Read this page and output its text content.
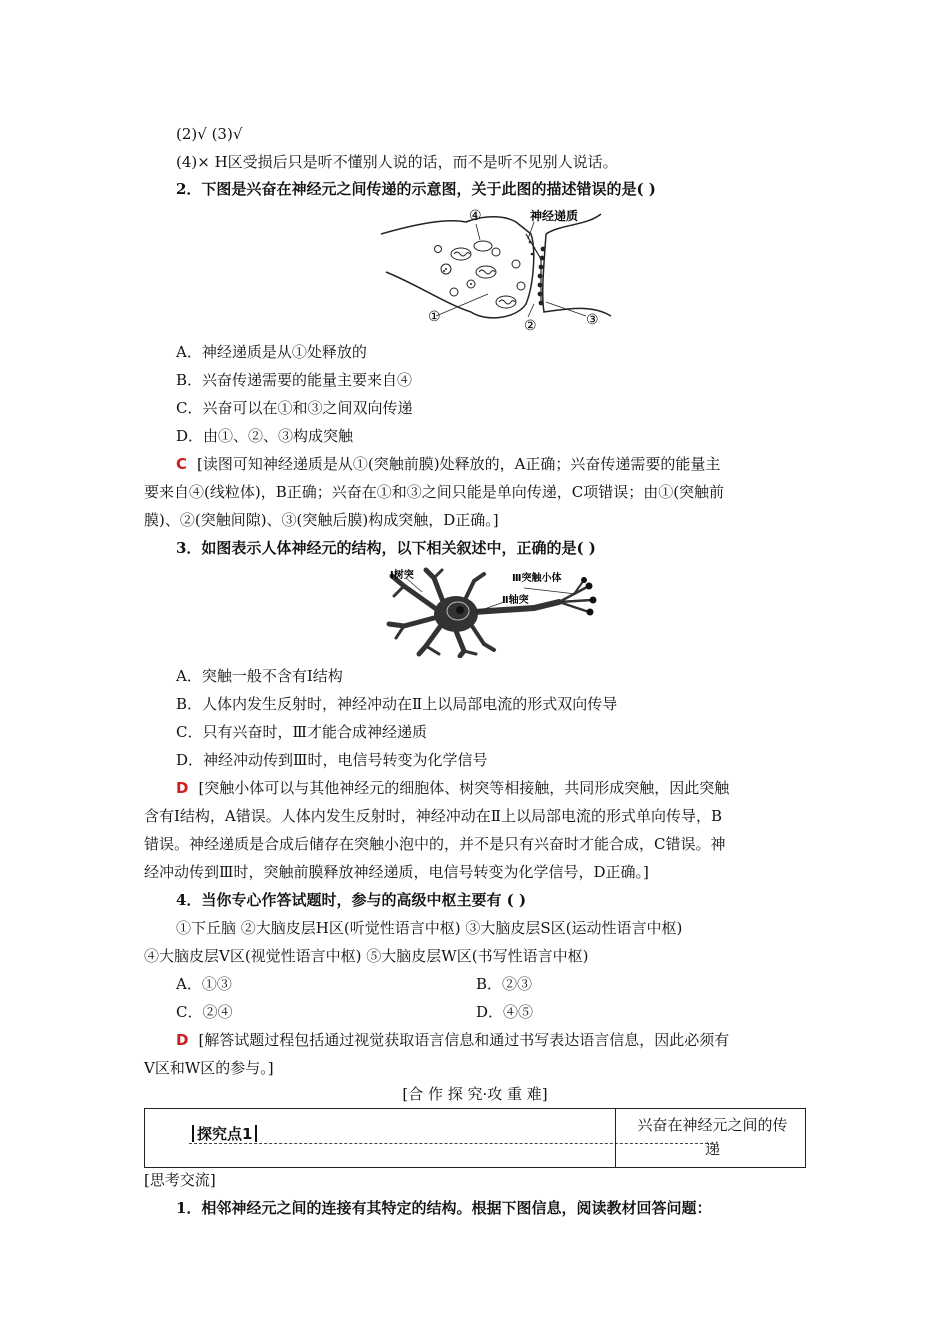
(2)√ (3)√
(4)× H区受损后只是听不懂别人说的话，而不是听不见别人说话。
2．下图是兴奋在神经元之间传递的示意图，关于此图的描述错误的是( )
④	神经递质
①
②	③
A．神经递质是从①处释放的
B．兴奋传递需要的能量主要来自④
C．兴奋可以在①和③之间双向传递
D．由①、②、③构成突触
C [读图可知神经递质是从①(突触前膜)处释放的，A正确；兴奋传递需要的能量主
要来自④(线粒体)，B正确；兴奋在①和③之间只能是单向传递，C项错误；由①(突触前
膜)、②(突触间隙)、③(突触后膜)构成突触，D正确。]
3．如图表示人体神经元的结构，以下相关叙述中，正确的是( )
Ⅰ树突	Ⅲ突触小体
Ⅱ轴突
A．突触一般不含有Ⅰ结构
B．人体内发生反射时，神经冲动在Ⅱ上以局部电流的形式双向传导
C．只有兴奋时，Ⅲ才能合成神经递质
D．神经冲动传到Ⅲ时，电信号转变为化学信号
D [突触小体可以与其他神经元的细胞体、树突等相接触，共同形成突触，因此突触
含有Ⅰ结构，A错误。人体内发生反射时，神经冲动在Ⅱ上以局部电流的形式单向传导，B
错误。神经递质是合成后储存在突触小泡中的，并不是只有兴奋时才能合成，C错误。神
经冲动传到Ⅲ时，突触前膜释放神经递质，电信号转变为化学信号，D正确。]
4．当你专心作答试题时，参与的高级中枢主要有 ( )
①下丘脑 ②大脑皮层H区(听觉性语言中枢) ③大脑皮层S区(运动性语言中枢)
④大脑皮层V区(视觉性语言中枢) ⑤大脑皮层W区(书写性语言中枢)
A．①③	B．②③
C．②④	D．④⑤
D [解答试题过程包括通过视觉获取语言信息和通过书写表达语言信息，因此必须有
V区和W区的参与。]
[合 作 探 究·攻 重 难]
探究点1	兴奋在神经元之间的传
递
[思考交流]
1．相邻神经元之间的连接有其特定的结构。根据下图信息，阅读教材回答问题：
